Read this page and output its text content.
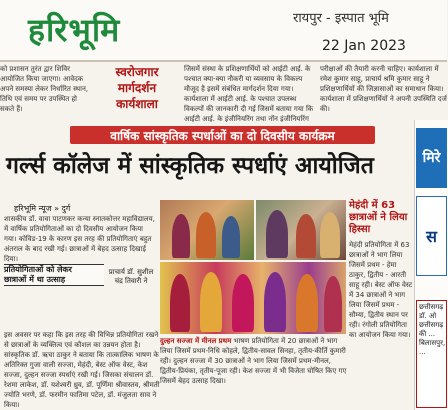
हरिभूमि	रायपुर - इस्पात भूमि
22 Jan 2023
को प्रशासन तुरंत द्वार शिविर आयोजित किया जाएगा। आवेदक अपने समस्या लेकर निर्धारित स्थान, तिथि एवं समय पर उपस्थित हो सकते हैं।
स्वरोजगार मार्गदर्शन कार्यशाला
जिसमें संस्था के प्रशिक्षणार्थियों को आईटी आई. के पश्चात क्या-क्या नौकरी या व्यवसाय के विकल्प मौजूद है इसमें संबंधित मार्गदर्शन दिया गया। कार्यशाला में आईटी आई. के पश्चात उपलब्ध विकल्पों की जानकारी दी गई जिसमें बताया गया कि आईटी आई. के इंजीनियरिंग तथा नॉन इंजीनियरिंग
परीक्षाओं की तैयारी करनी चाहिए। कार्यशाला में रमेश कुमार साहू, प्राचार्य श्रमि कुमार साहू ने प्रशिक्षणार्थियों की जिज्ञासाओं का समाधान किया। कार्यशाला में प्रशिक्षणार्थियों ने अपनी उपस्थिति दर्ज की।
वार्षिक सांस्कृतिक स्पर्धाओं का दो दिवसीय कार्यक्रम
गर्ल्स कॉलेज में सांस्कृतिक स्पर्धाएं आयोजित
हरिभूमि न्यूज » दुर्ग
शासकीय डॉ. वावा पाटणकर कन्या स्नातकोत्तर महाविद्यालय, में वार्षिक प्रतियोगिताओं का दो दिवसीय आयोजन किया गया। कोविड-19 के कारण इस तरह की प्रतियोगिताएं बहुत अंतराल के बाद रखी गई। छात्राओं में बेहद उत्साह दिखाई दिया।
प्रतियोगिताओं को लेकर
छात्राओं में था उत्साह
प्राचार्य डॉ. सुशील चंद्र तिवारी ने
इस अवसर पर कहा कि इस तरह की विभिन्न प्रतियोगिता रखने से छात्राओं के व्यक्तित्व एवं कौशल का उन्नयन होता है।सांस्कृतिक डॉ. ऋचा ठाकुर ने बताया कि तात्कालिक भाषण के अतिरिक्त गुजा वाली सज्जा, मेहंदी, बेस्ट ऑफ वेस्ट, केश सज्जा, दुल्हन सज्जा स्पर्धाएं रखी गई। जिसका संचालन डॉ. रेशमा लाकेश, डॉ. यशेश्वरी ध्रुव, डॉ. पूर्णिमा श्रीवास्तव, श्रीमती ज्योति भरणे, डॉ. फरमीन फातिमा पटेल, डॉ. मंजुलता साव ने किया।
दुल्हन सज्जा में मीनल प्रथम भाषण प्रतियोगिता में 20 छात्राओं ने भाग लिया जिसमें प्रथम-निधि कोहले, द्वितीय-सावल सिनहा, तृतीय-कीर्ति कुमारी रही। दुल्हन सज्जा में 30 छात्राओं ने भाग लिया जिसमें प्रथम-मीनल, द्वितीय-प्रियंका, तृतीय-पूजा रही। केश सज्जा में भी विजेता घोषित किए गए जिसमें बेहद उत्साह दिखा।
मेहंदी में 63 छात्राओं ने लिया हिस्सा
मेहंदी प्रतियोगिता में 63 छात्राओं ने भाग लिया जिसमें प्रथम - हेमा ठाकुर, द्वितीय - आरती साहू रही। बेस्ट ऑफ वेस्ट में 34 छात्राओं ने भाग लिया जिसमें प्रथम - सौम्या, द्वितीय स्थान पर रही। रंगोली प्रतियोगिता का आयोजन किया गया।
मिरे
स
छत्तीसगढ़ डॉ. ओ छत्तीसगढ़ की ... बिलासपुर, ...
